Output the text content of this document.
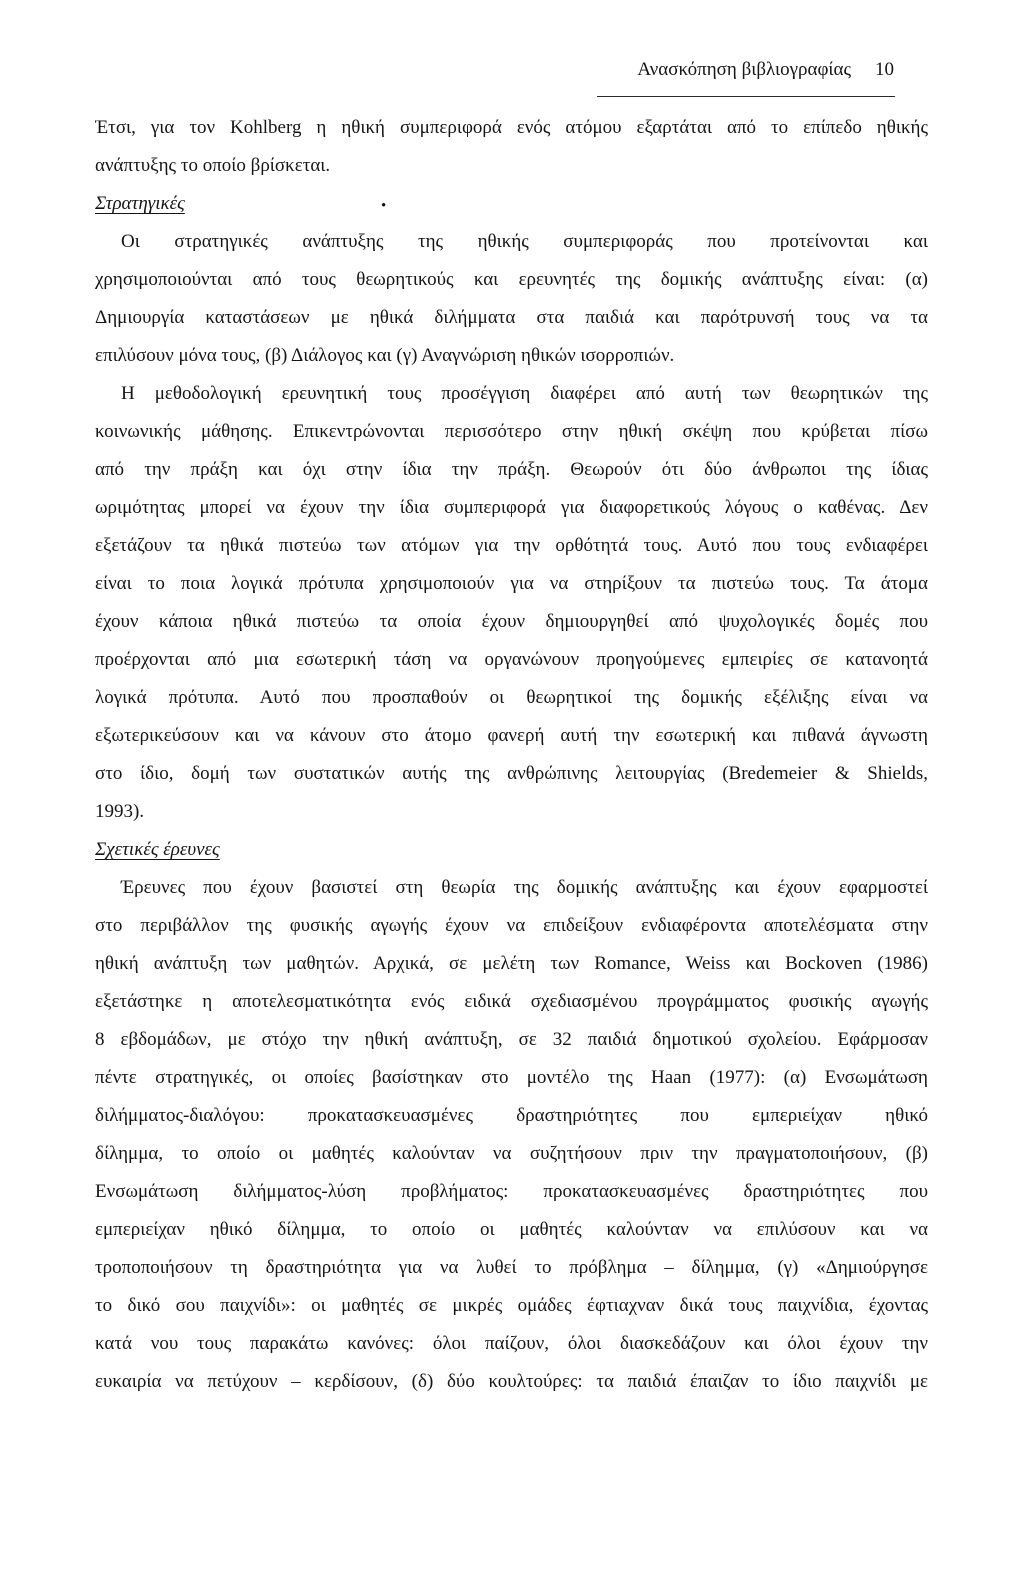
Ανασκόπηση βιβλιογραφίας 10
Έτσι, για τον Kohlberg η ηθική συμπεριφορά ενός ατόμου εξαρτάται από το επίπεδο ηθικής
ανάπτυξης το οποίο βρίσκεται.
Στρατηγικές	•
Οι στρατηγικές ανάπτυξης της ηθικής συμπεριφοράς που προτείνονται και
χρησιμοποιούνται από τους θεωρητικούς και ερευνητές της δομικής ανάπτυξης είναι: (α)
Δημιουργία καταστάσεων με ηθικά διλήμματα στα παιδιά και παρότρυνσή τους να τα
επιλύσουν μόνα τους, (β) Διάλογος και (γ) Αναγνώριση ηθικών ισορροπιών.
Η μεθοδολογική ερευνητική τους προσέγγιση διαφέρει από αυτή των θεωρητικών της
κοινωνικής μάθησης. Επικεντρώνονται περισσότερο στην ηθική σκέψη που κρύβεται πίσω
από την πράξη και όχι στην ίδια την πράξη. Θεωρούν ότι δύο άνθρωποι της ίδιας
ωριμότητας μπορεί να έχουν την ίδια συμπεριφορά για διαφορετικούς λόγους ο καθένας. Δεν
εξετάζουν τα ηθικά πιστεύω των ατόμων για την ορθότητά τους. Αυτό που τους ενδιαφέρει
είναι το ποια λογικά πρότυπα χρησιμοποιούν για να στηρίξουν τα πιστεύω τους. Τα άτομα
έχουν κάποια ηθικά πιστεύω τα οποία έχουν δημιουργηθεί από ψυχολογικές δομές που
προέρχονται από μια εσωτερική τάση να οργανώνουν προηγούμενες εμπειρίες σε κατανοητά
λογικά πρότυπα. Αυτό που προσπαθούν οι θεωρητικοί της δομικής εξέλιξης είναι να
εξωτερικεύσουν και να κάνουν στο άτομο φανερή αυτή την εσωτερική και πιθανά άγνωστη
στο ίδιο, δομή των συστατικών αυτής της ανθρώπινης λειτουργίας (Bredemeier & Shields,
1993).
Σχετικές έρευνες
Έρευνες που έχουν βασιστεί στη θεωρία της δομικής ανάπτυξης και έχουν εφαρμοστεί
στο περιβάλλον της φυσικής αγωγής έχουν να επιδείξουν ενδιαφέροντα αποτελέσματα στην
ηθική ανάπτυξη των μαθητών. Αρχικά, σε μελέτη των Romance, Weiss και Bockoven (1986)
εξετάστηκε η αποτελεσματικότητα ενός ειδικά σχεδιασμένου προγράμματος φυσικής αγωγής
8 εβδομάδων, με στόχο την ηθική ανάπτυξη, σε 32 παιδιά δημοτικού σχολείου. Εφάρμοσαν
πέντε στρατηγικές, οι οποίες βασίστηκαν στο μοντέλο της Haan (1977): (α) Ενσωμάτωση
διλήμματος-διαλόγου: προκατασκευασμένες δραστηριότητες που εμπεριείχαν ηθικό
δίλημμα, το οποίο οι μαθητές καλούνταν να συζητήσουν πριν την πραγματοποιήσουν, (β)
Ενσωμάτωση διλήμματος-λύση προβλήματος: προκατασκευασμένες δραστηριότητες που
εμπεριείχαν ηθικό δίλημμα, το οποίο οι μαθητές καλούνταν να επιλύσουν και να
τροποποιήσουν τη δραστηριότητα για να λυθεί το πρόβλημα – δίλημμα, (γ) «Δημιούργησε
το δικό σου παιχνίδι»: οι μαθητές σε μικρές ομάδες έφτιαχναν δικά τους παιχνίδια, έχοντας
κατά νου τους παρακάτω κανόνες: όλοι παίζουν, όλοι διασκεδάζουν και όλοι έχουν την
ευκαιρία να πετύχουν – κερδίσουν, (δ) δύο κουλτούρες: τα παιδιά έπαιζαν το ίδιο παιχνίδι με
